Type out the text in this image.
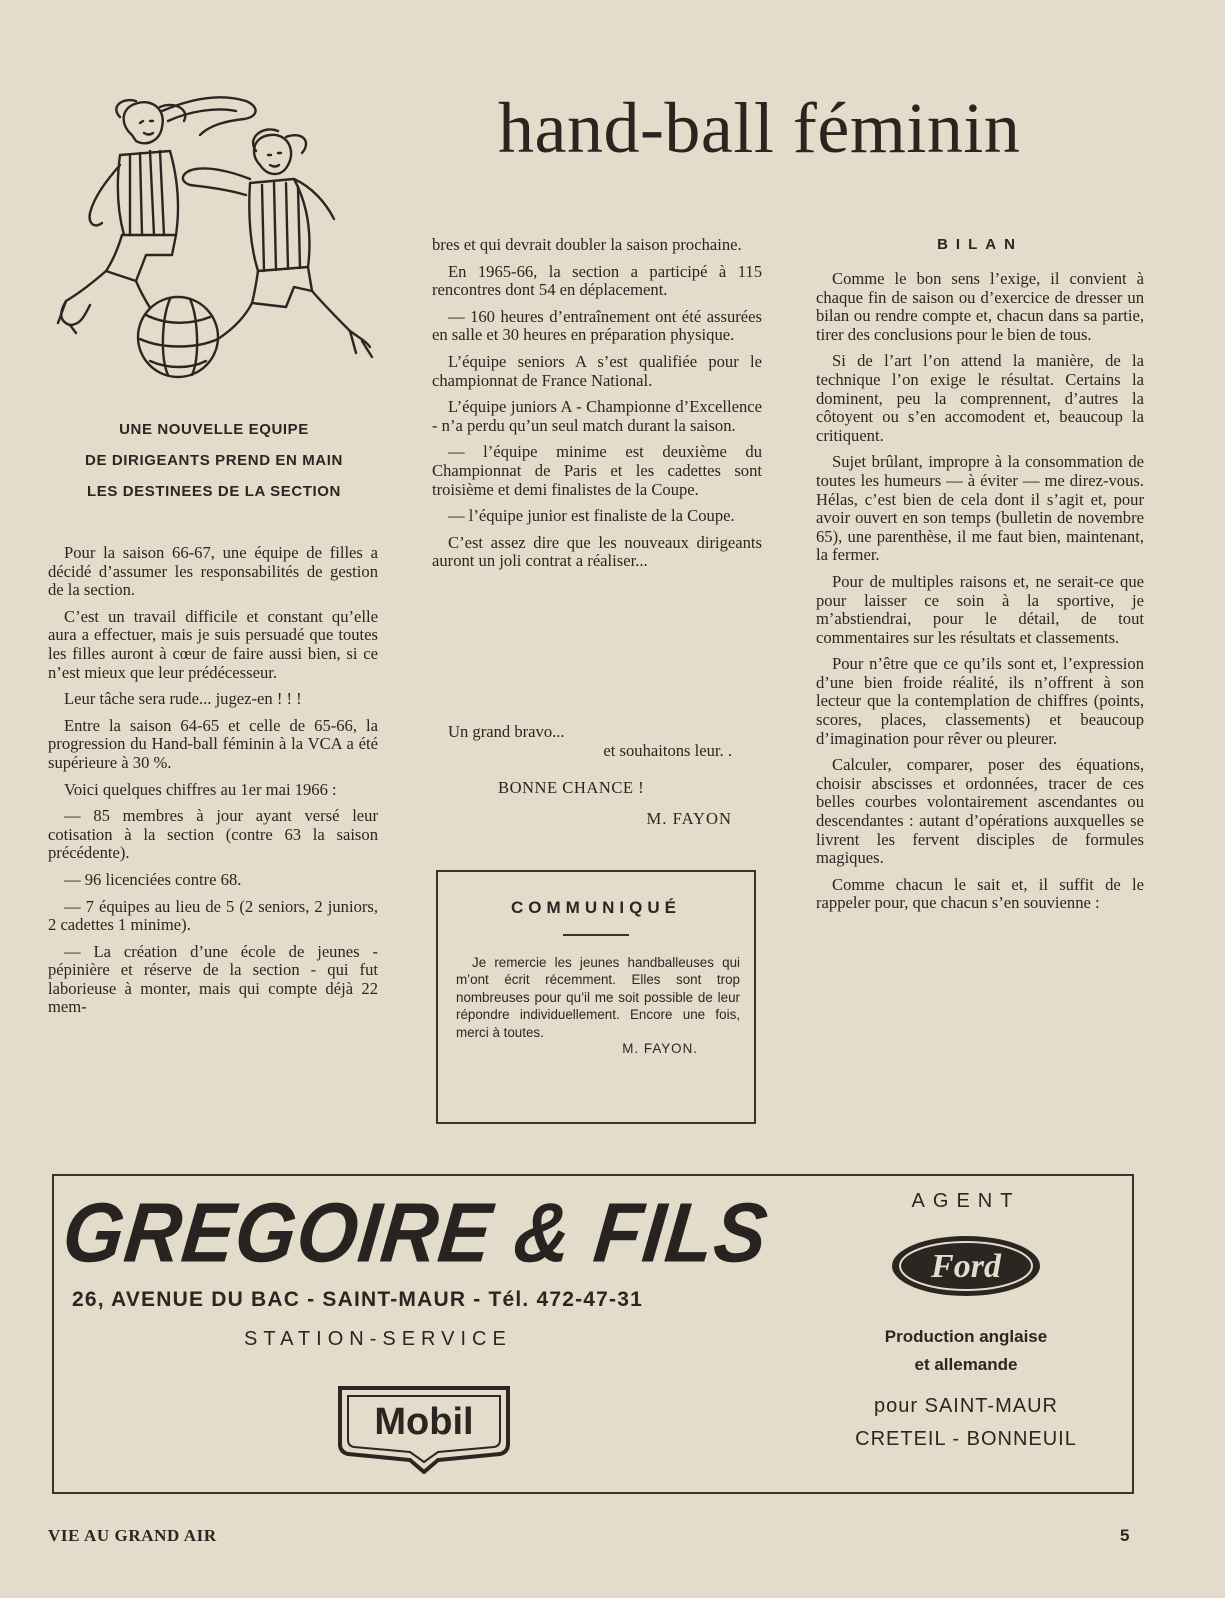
hand-ball féminin
UNE NOUVELLE EQUIPE
DE DIRIGEANTS PREND EN MAIN
LES DESTINEES DE LA SECTION

Pour la saison 66-67, une équipe de filles a décidé d’assumer les responsabilités de gestion de la section.

C’est un travail difficile et constant qu’elle aura a effectuer, mais je suis persuadé que toutes les filles auront à cœur de faire aussi bien, si ce n’est mieux que leur prédécesseur.

Leur tâche sera rude... jugez-en ! ! !

Entre la saison 64-65 et celle de 65-66, la progression du Hand-ball féminin à la VCA a été supérieure à 30 %.

Voici quelques chiffres au 1er mai 1966 :

— 85 membres à jour ayant versé leur cotisation à la section (contre 63 la saison précédente).

— 96 licenciées contre 68.

— 7 équipes au lieu de 5 (2 seniors, 2 juniors, 2 cadettes 1 minime).

— La création d’une école de jeunes - pépinière et réserve de la section - qui fut laborieuse à monter, mais qui compte déjà 22 mem-

bres et qui devrait doubler la saison prochaine.

En 1965-66, la section a participé à 115 rencontres dont 54 en déplacement.

— 160 heures d’entraînement ont été assurées en salle et 30 heures en préparation physique.

L’équipe seniors A s’est qualifiée pour le championnat de France National.

L’équipe juniors A - Championne d’Excellence - n’a perdu qu’un seul match durant la saison.

— l’équipe minime est deuxième du Championnat de Paris et les cadettes sont troisième et demi finalistes de la Coupe.

— l’équipe junior est finaliste de la Coupe.

C’est assez dire que les nouveaux dirigeants auront un joli contrat a réaliser...

Un grand bravo...
et souhaitons leur. .
BONNE CHANCE !
M. FAYON
COMMUNIQUÉ
Je remercie les jeunes handballeuses qui m’ont écrit récemment. Elles sont trop nombreuses pour qu’il me soit possible de leur répondre individuellement. Encore une fois, merci à toutes.
M. FAYON.
BILAN

Comme le bon sens l’exige, il convient à chaque fin de saison ou d’exercice de dresser un bilan ou rendre compte et, chacun dans sa partie, tirer des conclusions pour le bien de tous.

Si de l’art l’on attend la manière, de la technique l’on exige le résultat. Certains la dominent, peu la comprennent, d’autres la côtoyent ou s’en accomodent et, beaucoup la critiquent.

Sujet brûlant, impropre à la consommation de toutes les humeurs — à éviter — me direz-vous. Hélas, c’est bien de cela dont il s’agit et, pour avoir ouvert en son temps (bulletin de novembre 65), une parenthèse, il me faut bien, maintenant, la fermer.

Pour de multiples raisons et, ne serait-ce que pour laisser ce soin à la sportive, je m’abstiendrai, pour le détail, de tout commentaires sur les résultats et classements.

Pour n’être que ce qu’ils sont et, l’expression d’une bien froide réalité, ils n’offrent à son lecteur que la contemplation de chiffres (points, scores, places, classements) et beaucoup d’imagination pour rêver ou pleurer.

Calculer, comparer, poser des équations, choisir abscisses et ordonnées, tracer de ces belles courbes volontairement ascendantes ou descendantes : autant d’opérations auxquelles se livrent les fervent disciples de formules magiques.

Comme chacun le sait et, il suffit de le rappeler pour, que chacun s’en souvienne :

GREGOIRE & FILS
26, AVENUE DU BAC - SAINT-MAUR - Tél. 472-47-31
STATION-SERVICE
Mobil
AGENT
Ford
Production anglaise
et allemande
pour SAINT-MAUR
CRETEIL - BONNEUIL
VIE AU GRAND AIR	5
